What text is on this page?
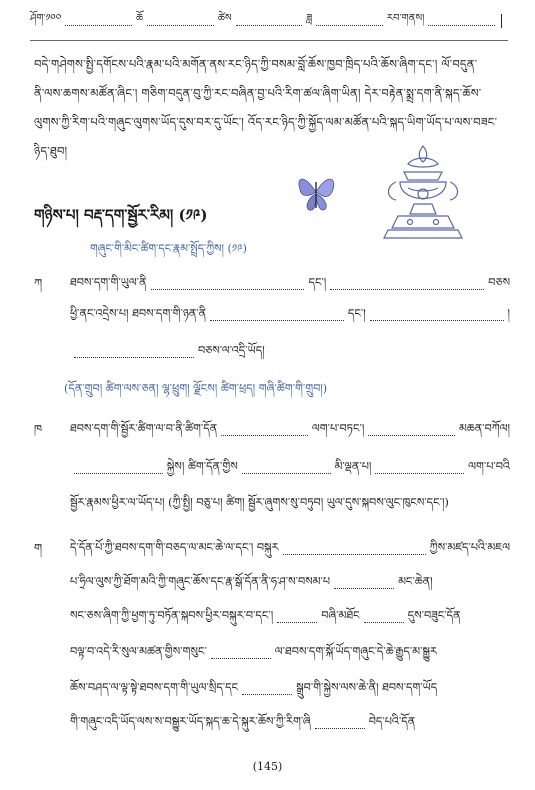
ཤོག་༡༠༠	ཆོ	ཚེས	ཟླ	རབ་གནས།
བདེ་གཤེགས་སྤྱི་དགོངས་པའི་རྣམ་པའི་མགོན་ནས་རང་ཉིད་ཀྱི་བསམ་བློ་ཆོས་ཁྱབ་ཁྲིད་པའི་ཆོས་ཞིག་དང་། ལོ་བདུན་
ནི་ལས་ཆགས་མཚོན་ཞིང་། གཅིག་བདུན་བུ་ཀྱི་རང་བཞིན་བྱ་པའི་རིག་ཚལ་ཞིག་ཡིན། དེར་བརྟེན་སྨྲ་དག་ནི་སྐད་ཆོས་
ལུགས་ཀྱི་རིག་པའི་གཞུང་ལུགས་ཡོད་དུས་བར་དུ་ཡོང་། འོད་རང་ཉིད་ཀྱི་སྐྱོད་ལམ་མཚོན་པའི་སྐད་ཡིག་ཡོད་པ་ལས་བཟང་
ཉིད་ཐུབ།
གཉིས་པ། བརྡ་དག་སྦྱོར་རིམ། (༡༩)
གཞུང་གི་མིང་ཚིག་དང་རྣམ་སྤྲོད་ཀྱིས། (༡༩)
ཀ	ཐབས་དག་གི་ཡུལ་ནི	དང་།	བཅས
ཕྱི་ནང་འདྲེས་པ། ཐབས་དག་གི་ཉན་ནི	དང་།	།
བཅས་ལ་འདྲི་ཡོད།
(དོན་གྲུབ། ཚིག་ལས་ཅན། ལྷ་ཕྲུག། ལྗོངས། ཚིག་ཕྲད། གཞི་ཚིག་གི་གྲུབ།)
ཁ	ཐབས་དག་གི་སྦྱོར་ཚིག་ལ་བ་ནི་ཚིག་དོན	ལག་པ་བཏང་།	མཆན་བཀོལ།
སྐྱེས། ཚིག་དོན་གྱིས	མི་ལྡན་པ།	ལག་པ་བའི
སྦྱོར་རྣམས་ཕྱིར་ལ་ཡོད་པ། (ཀྱི་སྤྱི། བཅུ་པ། ཚིག། སྦྱོར་ཞུགས་སུ་བཏུབ། ཡུལ་དུས་སྐབས་ལུང་ཁུངས་དང་།)
ག	དེ་དོན་པོ་ཀྱི་ཐབས་དག་གི་བཅད་ལ་མང་ཆེ་ལ་དང་། བསྐུར	ཀྱིས་མཛད་པའི་མཇལ
པ་ཧྲིལ་ལུས་ཀྱི་ཐོག་མའི་ཀྱི་གཞུང་ཆོས་དང་རྣ་སྒོ་དོན་ནི་ཧ་ཤ་ས་བསམ་པ	མང་ཆེན།
སང་ཅས་ཞིག་ཀྱི་ཕྱག་ཏུ་བཏོན་སྐབས་ཕྱིར་བསྐུར་བ་དང་།	བཞི་མཐོང	དུས་བཟུང་དོན
བལྟ་བ་འདེ་རི་སུལ་མཚན་གྱིས་གསུང་	ལ་ཐབས་དག་སྐོ་ཡོད་གཞུང་དེ་ཆེ་རྒྱུད་མ་སྒྱུར
ཆོས་བཤད་ལ་ལྟ་སྟེ་ཐབས་དག་གི་ཡུལ་སྲིད་དང	སྒྲུབ་གི་སྐྱེས་ལས་ཆེ་ནི། ཐབས་དག་ཡོད
གི་གཞུང་འདི་ཡོད་ལས་ས་བསྒྱུར་ཡོད་སྐད་ཆ་དེ་སྐུར་ཆོས་ཀྱི་རིག་ཞི	བེད་པའི་དོན
(145)
